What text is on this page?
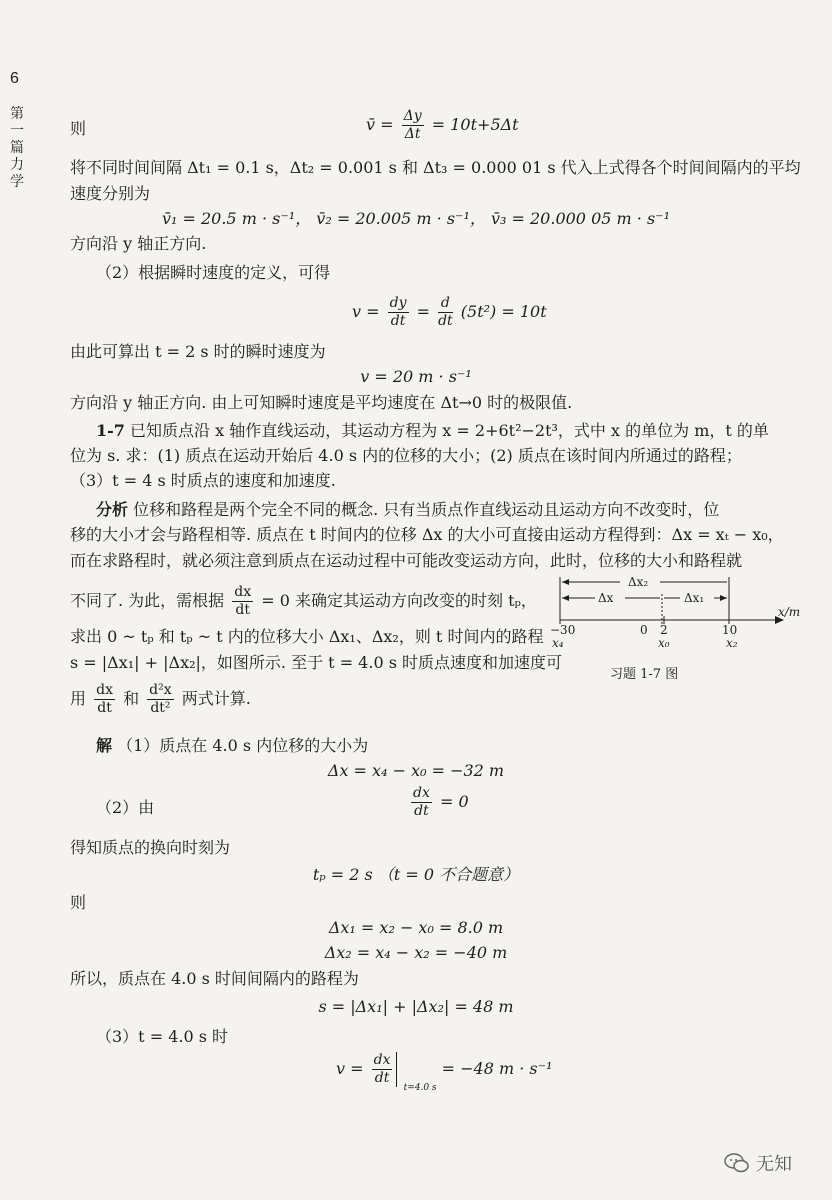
6
第一篇 力学
则	v̄ = $\frac{\Delta y}{\Delta t} = 10t+5\Delta t$
将不同时间间隔 Δt₁ = 0.1 s，Δt₂ = 0.001 s 和 Δt₃ = 0.000 01 s 代入上式得各个时间间隔内的平均
速度分别为
v̄₁ = 20.5 m · s⁻¹， v̄₂ = 20.005 m · s⁻¹， v̄₃ = 20.000 05 m · s⁻¹
方向沿 y 轴正方向.
（2）根据瞬时速度的定义，可得
$v = \frac{dy}{dt} = \frac{d}{dt} (5t^2) = 10t$
由此可算出 t = 2 s 时的瞬时速度为
v = 20 m · s⁻¹
方向沿 y 轴正方向. 由上可知瞬时速度是平均速度在 Δt→0 时的极限值.
1-7 已知质点沿 x 轴作直线运动，其运动方程为 x = 2+6t²−2t³，式中 x 的单位为 m，t 的单
位为 s. 求：(1) 质点在运动开始后 4.0 s 内的位移的大小；(2) 质点在该时间内所通过的路程；
（3）t = 4 s 时质点的速度和加速度.
分析 位移和路程是两个完全不同的概念. 只有当质点作直线运动且运动方向不改变时，位
移的大小才会与路程相等. 质点在 t 时间内的位移 Δx 的大小可直接由运动方程得到：Δx = xₜ − x₀，
而在求路程时，就必须注意到质点在运动过程中可能改变运动方向，此时，位移的大小和路程就
不同了. 为此，需根据 $\frac{dx}{dt} = 0$ 来确定其运动方向改变的时刻 tₚ，
求出 0 ~ tₚ 和 tₚ ~ t 内的位移大小 Δx₁、Δx₂，则 t 时间内的路程
s = |Δx₁| + |Δx₂|，如图所示. 至于 t = 4.0 s 时质点速度和加速度可
用 $\frac{dx}{dt}$ 和 $\frac{\text{d²x}}{\text{dt²}}$ 两式计算.
Δx₂
Δx	Δx₁
x/m
−30	0 2	10
x₄	x₀	x₂
习题 1-7 图
解 （1）质点在 4.0 s 内位移的大小为
Δx = x₄ − x₀ = −32 m
（2）由	$\frac{dx}{dt} = 0$
得知质点的换向时刻为
tₚ = 2 s （t = 0 不合题意）
则
Δx₁ = x₂ − x₀ = 8.0 m
Δx₂ = x₄ − x₂ = −40 m
所以，质点在 4.0 s 时间间隔内的路程为
s = |Δx₁| + |Δx₂| = 48 m
（3）t = 4.0 s 时
$v = \frac{dx}{dt}$
$_{t=4.0 s}$ = −48 m · s⁻¹
无知
